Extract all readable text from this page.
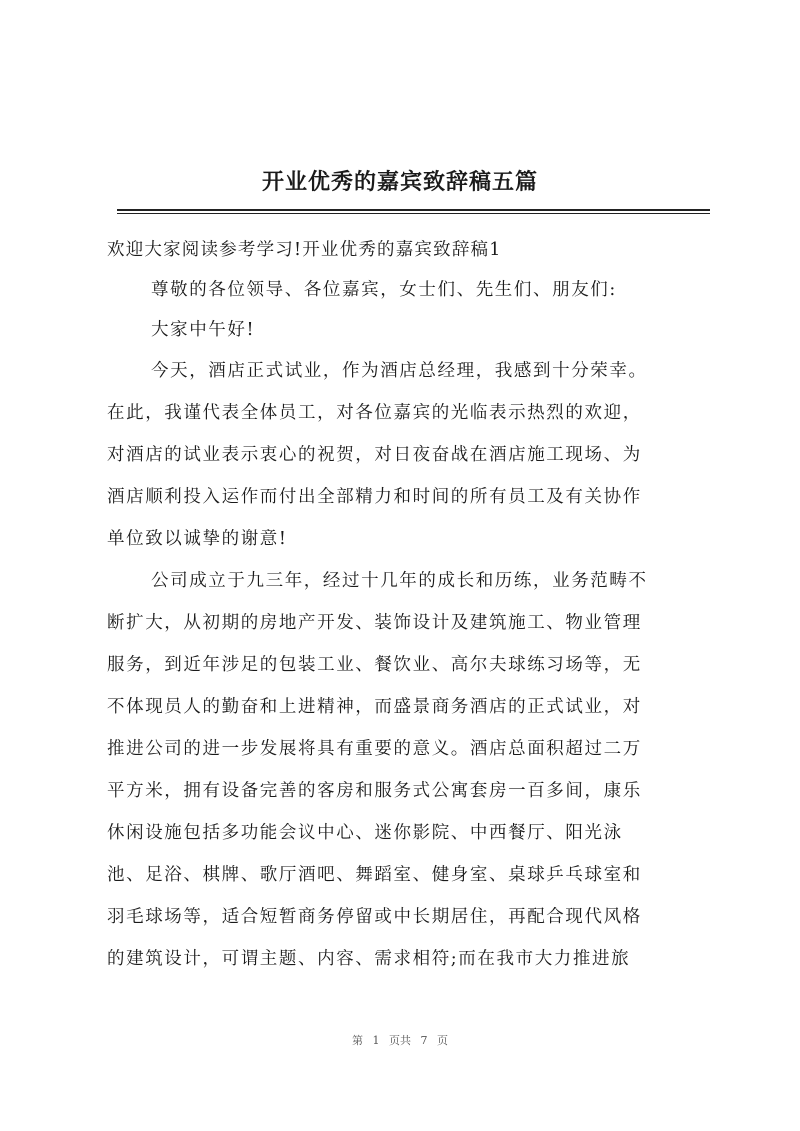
开业优秀的嘉宾致辞稿五篇
欢迎大家阅读参考学习!开业优秀的嘉宾致辞稿1
尊敬的各位领导、各位嘉宾，女士们、先生们、朋友们:
大家中午好!
今天，酒店正式试业，作为酒店总经理，我感到十分荣幸。
在此，我谨代表全体员工，对各位嘉宾的光临表示热烈的欢迎，
对酒店的试业表示衷心的祝贺，对日夜奋战在酒店施工现场、为
酒店顺利投入运作而付出全部精力和时间的所有员工及有关协作
单位致以诚挚的谢意!
公司成立于九三年，经过十几年的成长和历练，业务范畴不
断扩大，从初期的房地产开发、装饰设计及建筑施工、物业管理
服务，到近年涉足的包装工业、餐饮业、高尔夫球练习场等，无
不体现员人的勤奋和上进精神，而盛景商务酒店的正式试业，对
推进公司的进一步发展将具有重要的意义。酒店总面积超过二万
平方米，拥有设备完善的客房和服务式公寓套房一百多间，康乐
休闲设施包括多功能会议中心、迷你影院、中西餐厅、阳光泳
池、足浴、棋牌、歌厅酒吧、舞蹈室、健身室、桌球乒乓球室和
羽毛球场等，适合短暂商务停留或中长期居住，再配合现代风格
的建筑设计，可谓主题、内容、需求相符;而在我市大力推进旅
第 1 页共 7 页
